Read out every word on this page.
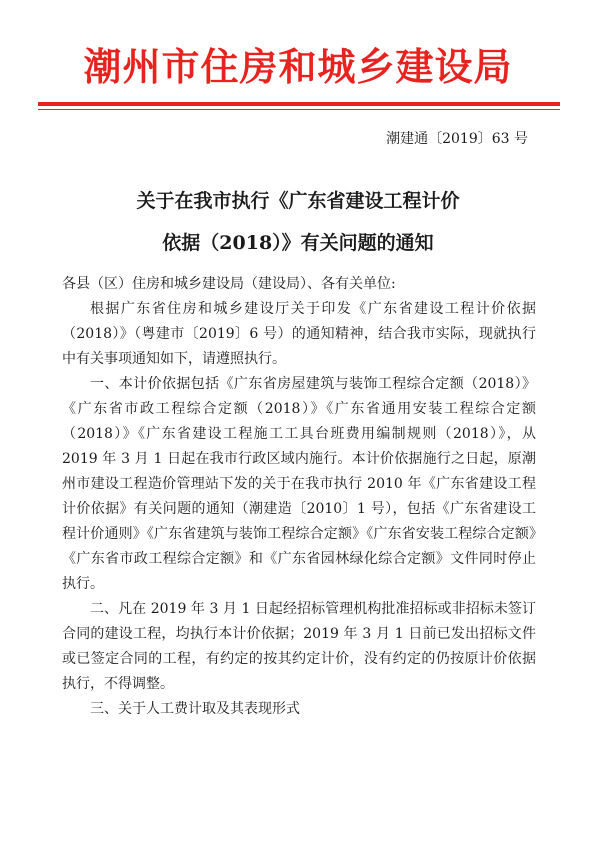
潮州市住房和城乡建设局
潮建通〔2019〕63 号
关于在我市执行《广东省建设工程计价
依据（2018）》有关问题的通知

各县（区）住房和城乡建设局（建设局）、各有关单位:

根据广东省住房和城乡建设厅关于印发《广东省建设工程计价依据（2018）》（粤建市〔2019〕6 号）的通知精神，结合我市实际，现就执行中有关事项通知如下，请遵照执行。

一、本计价依据包括《广东省房屋建筑与装饰工程综合定额（2018）》《广东省市政工程综合定额（2018）》《广东省通用安装工程综合定额（2018）》《广东省建设工程施工工具台班费用编制规则（2018）》，从 2019 年 3 月 1 日起在我市行政区域内施行。本计价依据施行之日起，原潮州市建设工程造价管理站下发的关于在我市执行 2010 年《广东省建设工程计价依据》有关问题的通知（潮建造〔2010〕1 号），包括《广东省建设工程计价通则》《广东省建筑与装饰工程综合定额》《广东省安装工程综合定额》《广东省市政工程综合定额》和《广东省园林绿化综合定额》文件同时停止执行。

二、凡在 2019 年 3 月 1 日起经招标管理机构批准招标或非招标未签订合同的建设工程，均执行本计价依据；2019 年 3 月 1 日前已发出招标文件或已签定合同的工程，有约定的按其约定计价，没有约定的仍按原计价依据执行，不得调整。

三、关于人工费计取及其表现形式
